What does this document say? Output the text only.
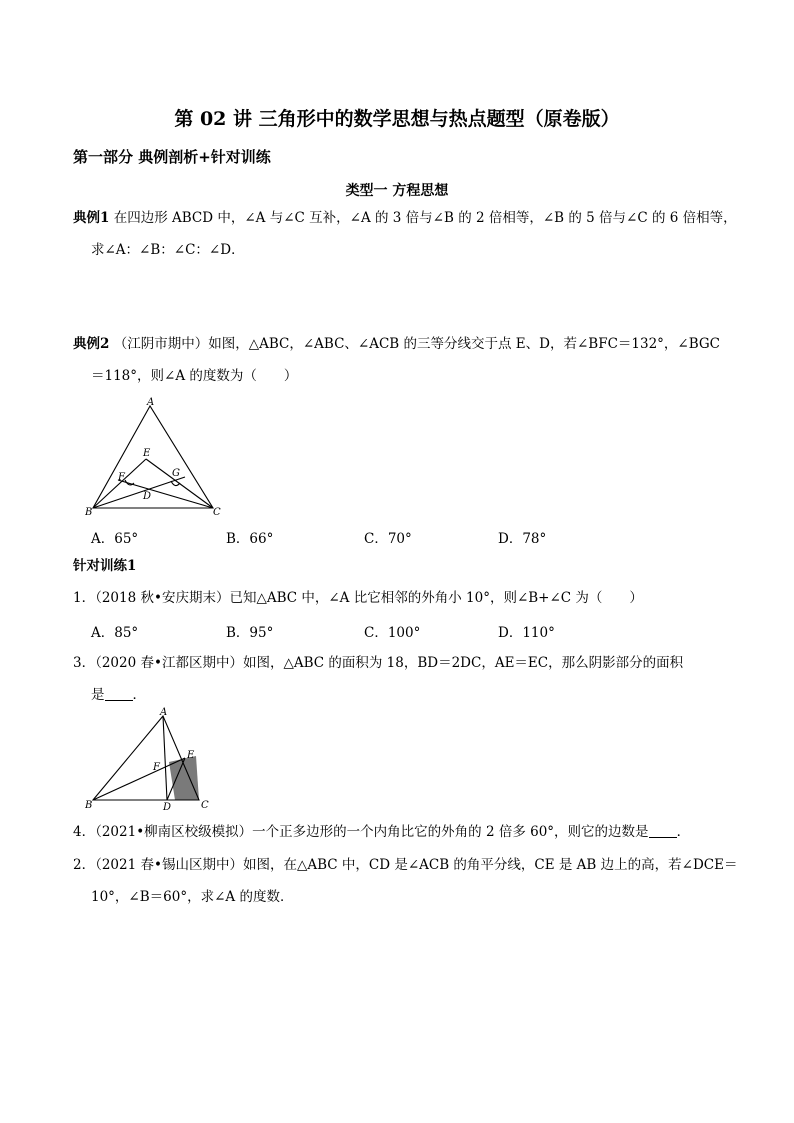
第 02 讲 三角形中的数学思想与热点题型（原卷版）
第一部分 典例剖析+针对训练
类型一 方程思想
典例1 在四边形 ABCD 中，∠A 与∠C 互补，∠A 的 3 倍与∠B 的 2 倍相等，∠B 的 5 倍与∠C 的 6 倍相等，
求∠A：∠B：∠C：∠D．
典例2 （江阴市期中）如图，△ABC，∠ABC、∠ACB 的三等分线交于点 E、D，若∠BFC＝132°，∠BGC
＝118°，则∠A 的度数为（　　）
A
B	C
D
E
F	G
A．65°	B．66°	C．70°	D．78°
针对训练1
1．（2018 秋•安庆期末）已知△ABC 中，∠A 比它相邻的外角小 10°，则∠B+∠C 为（　　）
A．85°	B．95°	C．100°	D．110°
3．（2020 春•江都区期中）如图，△ABC 的面积为 18，BD＝2DC，AE＝EC，那么阴影部分的面积
是 ．
A
B	C
D
E
F
4．（2021•柳南区校级模拟）一个正多边形的一个内角比它的外角的 2 倍多 60°，则它的边数是 ．
2．（2021 春•锡山区期中）如图，在△ABC 中，CD 是∠ACB 的角平分线，CE 是 AB 边上的高，若∠DCE＝
10°，∠B＝60°，求∠A 的度数．
